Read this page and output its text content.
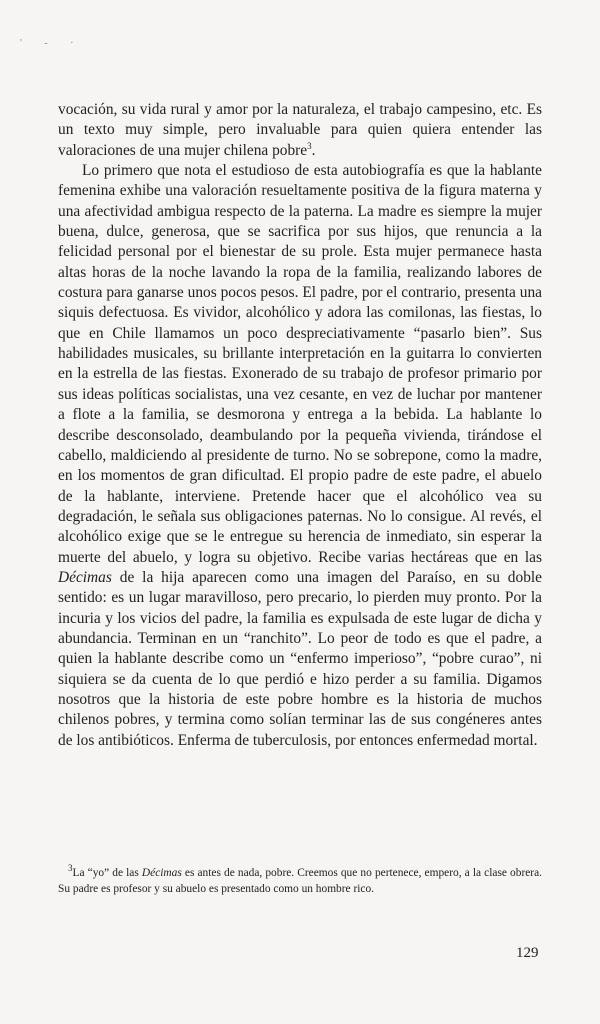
' - ·

vocación, su vida rural y amor por la naturaleza, el trabajo campesino, etc. Es un texto muy simple, pero invaluable para quien quiera entender las valoraciones de una mujer chilena pobre$^3$.

Lo primero que nota el estudioso de esta autobiografía es que la hablante femenina exhibe una valoración resueltamente positiva de la figura materna y una afectividad ambigua respecto de la paterna. La madre es siempre la mujer buena, dulce, generosa, que se sacrifica por sus hijos, que renuncia a la felicidad personal por el bienestar de su prole. Esta mujer permanece hasta altas horas de la noche lavando la ropa de la familia, realizando labores de costura para ganarse unos pocos pesos. El padre, por el contrario, presenta una siquis defectuosa. Es vividor, alcohólico y adora las comilonas, las fiestas, lo que en Chile llamamos un poco despreciativamente “pasarlo bien”. Sus habilidades musicales, su brillante interpretación en la guitarra lo convierten en la estrella de las fiestas. Exonerado de su trabajo de profesor primario por sus ideas políticas socialistas, una vez cesante, en vez de luchar por mantener a flote a la familia, se desmorona y entrega a la bebida. La hablante lo describe desconsolado, deambulando por la pequeña vivienda, tirándose el cabello, maldiciendo al presidente de turno. No se sobrepone, como la madre, en los momentos de gran dificultad. El propio padre de este padre, el abuelo de la hablante, interviene. Pretende hacer que el alcohólico vea su degradación, le señala sus obligaciones paternas. No lo consigue. Al revés, el alcohólico exige que se le entregue su herencia de inmediato, sin esperar la muerte del abuelo, y logra su objetivo. Recibe varias hectáreas que en las Décimas de la hija aparecen como una imagen del Paraíso, en su doble sentido: es un lugar maravilloso, pero precario, lo pierden muy pronto. Por la incuria y los vicios del padre, la familia es expulsada de este lugar de dicha y abundancia. Terminan en un “ranchito”. Lo peor de todo es que el padre, a quien la hablante describe como un “enfermo imperioso”, “pobre curao”, ni siquiera se da cuenta de lo que perdió e hizo perder a su familia. Digamos nosotros que la historia de este pobre hombre es la historia de muchos chilenos pobres, y termina como solían terminar las de sus congéneres antes de los antibióticos. Enferma de tuberculosis, por entonces enfermedad mortal.

$^3$La “yo” de las Décimas es antes de nada, pobre. Creemos que no pertenece, empero, a la clase obrera. Su padre es profesor y su abuelo es presentado como un hombre rico.
129
